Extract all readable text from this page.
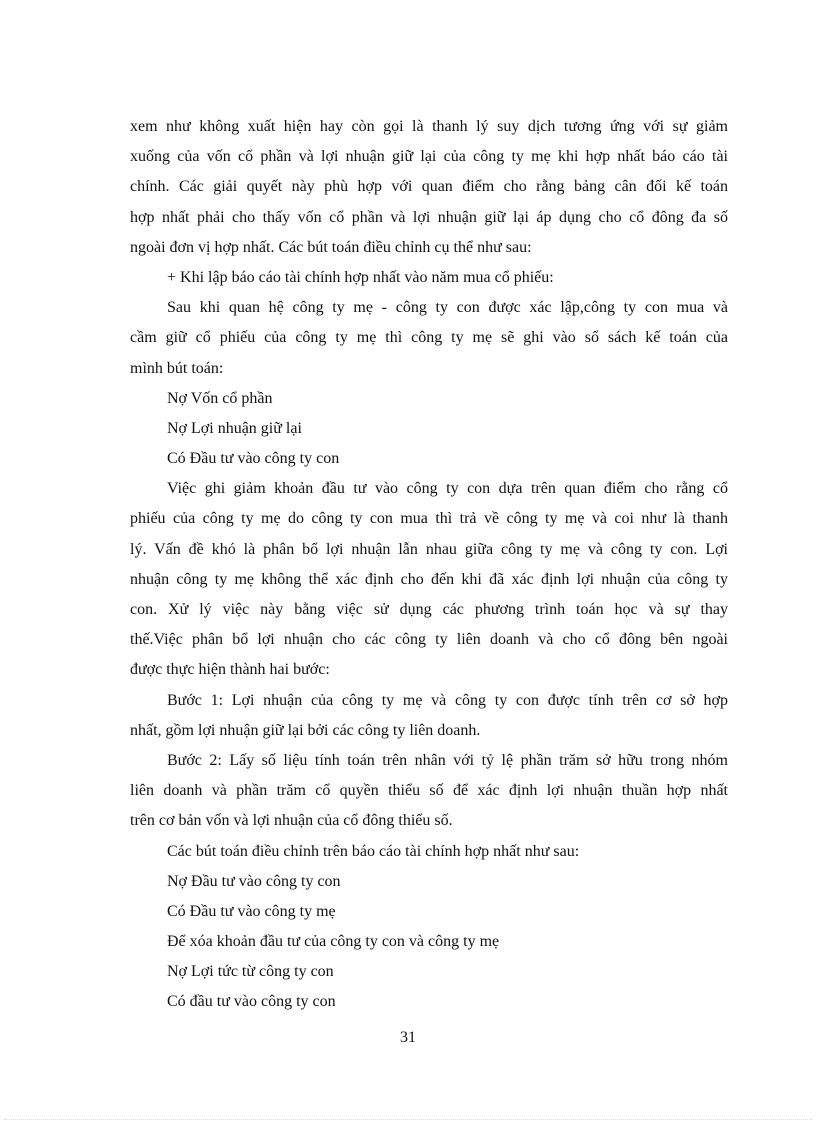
xem như không xuất hiện hay còn gọi là thanh lý suy dịch tương ứng với sự giảm
xuống của vốn cổ phần và lợi nhuận giữ lại của công ty mẹ khi hợp nhất báo cáo tài
chính. Các giải quyết này phù hợp với quan điểm cho rằng bảng cân đối kế toán
hợp nhất phải cho thấy vốn cổ phần và lợi nhuận giữ lại áp dụng cho cổ đông đa số
ngoài đơn vị hợp nhất. Các bút toán điều chỉnh cụ thể như sau:
+ Khi lập báo cáo tài chính hợp nhất vào năm mua cổ phiếu:
Sau khi quan hệ công ty mẹ - công ty con được xác lập,công ty con mua và
cầm giữ cổ phiếu của công ty mẹ thì công ty mẹ sẽ ghi vào sổ sách kế toán của
mình bút toán:
Nợ Vốn cổ phần
Nợ Lợi nhuận giữ lại
Có Đầu tư vào công ty con
Việc ghi giảm khoản đầu tư vào công ty con dựa trên quan điểm cho rằng cổ
phiếu của công ty mẹ do công ty con mua thì trả về công ty mẹ và coi như là thanh
lý. Vấn đề khó là phân bổ lợi nhuận lẫn nhau giữa công ty mẹ và công ty con. Lợi
nhuận công ty mẹ không thể xác định cho đến khi đã xác định lợi nhuận của công ty
con. Xử lý việc này bằng việc sử dụng các phương trình toán học và sự thay
thế.Việc phân bổ lợi nhuận cho các công ty liên doanh và cho cổ đông bên ngoài
được thực hiện thành hai bước:
Bước 1: Lợi nhuận của công ty mẹ và công ty con được tính trên cơ sở hợp
nhất, gồm lợi nhuận giữ lại bởi các công ty liên doanh.
Bước 2: Lấy số liệu tính toán trên nhân với tỷ lệ phần trăm sở hữu trong nhóm
liên doanh và phần trăm cổ quyền thiểu số để xác định lợi nhuận thuần hợp nhất
trên cơ bản vốn và lợi nhuận của cổ đông thiểu số.
Các bút toán điều chỉnh trên báo cáo tài chính hợp nhất như sau:
Nợ Đầu tư vào công ty con
Có Đầu tư vào công ty mẹ
Để xóa khoản đầu tư của công ty con và công ty mẹ
Nợ Lợi tức từ công ty con
Có đầu tư vào công ty con
31
